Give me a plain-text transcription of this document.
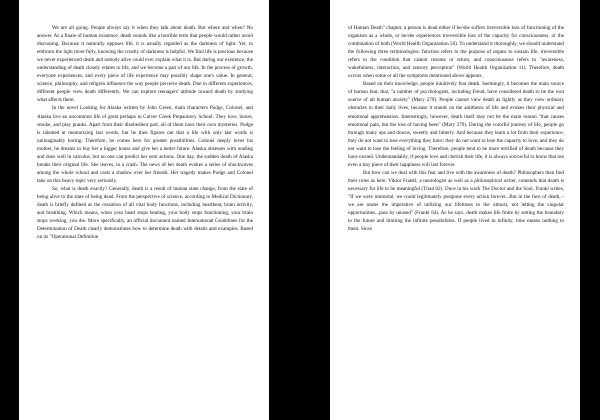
We are all going. People always say it when they talk about death. But where and when? No answer. As a finale of human existence, death sounds like a horrible term that people would rather avoid discussing. Because it naturally opposes life, it is usually regarded as the darkness of light. Yet, to embrace the light more fully, knowing the cruelty of darkness is helpful. We find life is precious because we never experienced death and nobody alive could ever explain what it is. But during our existence, the understanding of death closely relates to life, and we become a part of our life. In the process of growth, everyone experiences, and every piece of life experience may possibly shape one's value. In general, science, philosophy, and religion influence the way people perceive death. Due to different experiences, different people view death differently. We can explore teenagers' attitude toward death by studying what affects them.

In the novel Looking for Alaska written by John Green, main characters Pudge, Colonel, and Alaska live an uncommon life of great perhaps in Culver Creek Preparatory School. They love, booze, smoke, and play pranks. Apart from their disobedient part, all of them have their own mysteries. Pudge is talented at memorizing last words, but he then figures out that a life with only last words is unimaginably boring. Therefore, he comes here for greater possibilities. Colonel deeply loves his mother, he dreams to buy her a bigger house and give her a better future. Alaska obsesses with reading and does well in calculus, but no one can predict her next actions. One day, the sudden death of Alaska breaks their original life. She leaves, in a crash. The news of her death evokes a series of shockwaves among the whole school and casts a shadow over her friends. Her tragedy makes Pudge and Colonel take on this heavy topic very seriously.

So, what is death exactly? Generally, death is a result of human state change, from the state of being alive to the state of being dead. From the perspective of science, according to Medical Dictionary, death is briefly defined as the cessation of all vital body functions, including heartbeat, brain activity, and breathing. Which means, when your heart stops beating, your body stops functioning, your brain stops working, you die. More specifically, an official document named International Guidelines for the Determination of Death clearly demonstrates how to determine death with details and examples. Based on its "Operational Definition

of Human Death" chapter, a person is dead either if he/she suffers irreversible loss of functioning of the organism as a whole, or he/she experiences irreversible loss of the capacity for consciousness, or the combination of both (World Health Organization 50). To understand it thoroughly, we should understand the following three terminologies: function refers to the purpose of organs to sustain life, irreversible refers to the condition that cannot resume or return, and consciousness refers to "awareness, wakefulness, interaction, and sensory perception" (World Health Organization 11). Therefore, death occurs when some or all the symptoms mentioned above appears.

Based on their knowledge, people intuitively fear death. Seemingly, it becomes the main source of human fear, that, "a number of psychologists, including Freud, have considered death to be the root source of all human anxiety" (Mary 279). People cannot view death as lightly as they view ordinary obstacles in their daily lives, because it stands on the antithesis of life and evokes their physical and emotional apprehension. Interestingly, however, death itself may not be the main reason "that causes emotional pain, but the loss of having been" (Mary 279). During the colorful journey of life, people go through many ups and downs, sweetly and bitterly. And because they learn a lot from their experience, they do not want to lose everything they have; they do not want to lose the capacity to love, and they do not want to lose the feeling of loving. Therefore, people tend to be more terrified of death because they have owned. Understandably, if people love and cherish their life, it is always sorrowful to know that not even a tiny piece of their happiness will last forever.

But how can we deal with this fear and live with the awareness of death? Philosophers then find their roles as here. Viktor Frankl, a neurologist as well as a philosophical writer, contends that death is necessary for life to be meaningful (Triad 62). Once in his work The Doctor and the Soul, Frankl writes, "If we were immortal, we could legitimately postpone every action forever...But in the face of death, - we are under the imperative of utilizing our lifetimes to the utmost, not letting the singular opportunities...pass by unused" (Frankl 64). As he says, death makes life finite by setting the boundary to the future and limiting the infinite possibilities. If people lived in infinity, time means nothing to them. Since
